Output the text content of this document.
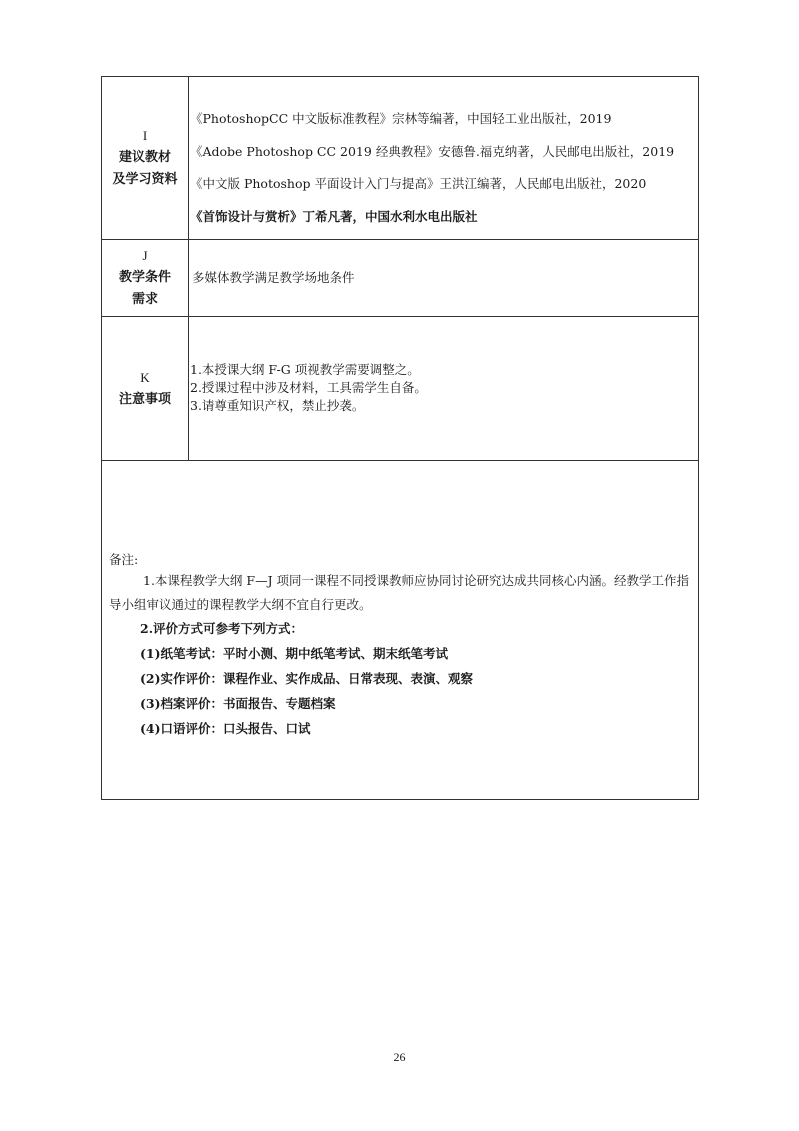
I
建议教材
及学习资料
《PhotoshopCC 中文版标准教程》宗林等编著，中国轻工业出版社，2019
《Adobe Photoshop CC 2019 经典教程》安德鲁.福克纳著，人民邮电出版社，2019
《中文版 Photoshop 平面设计入门与提高》王洪江编著，人民邮电出版社，2020
《首饰设计与赏析》丁希凡著，中国水利水电出版社
J
教学条件
需求
多媒体教学满足教学场地条件
K
注意事项
1.本授课大纲 F-G 项视教学需要调整之。
2.授课过程中涉及材料，工具需学生自备。
3.请尊重知识产权，禁止抄袭。
备注:
1.本课程教学大纲 F—J 项同一课程不同授课教师应协同讨论研究达成共同核心内涵。经教学工作指导小组审议通过的课程教学大纲不宜自行更改。
2.评价方式可参考下列方式：
(1)纸笔考试：平时小测、期中纸笔考试、期末纸笔考试
(2)实作评价：课程作业、实作成品、日常表现、表演、观察
(3)档案评价：书面报告、专题档案
(4)口语评价：口头报告、口试
26
